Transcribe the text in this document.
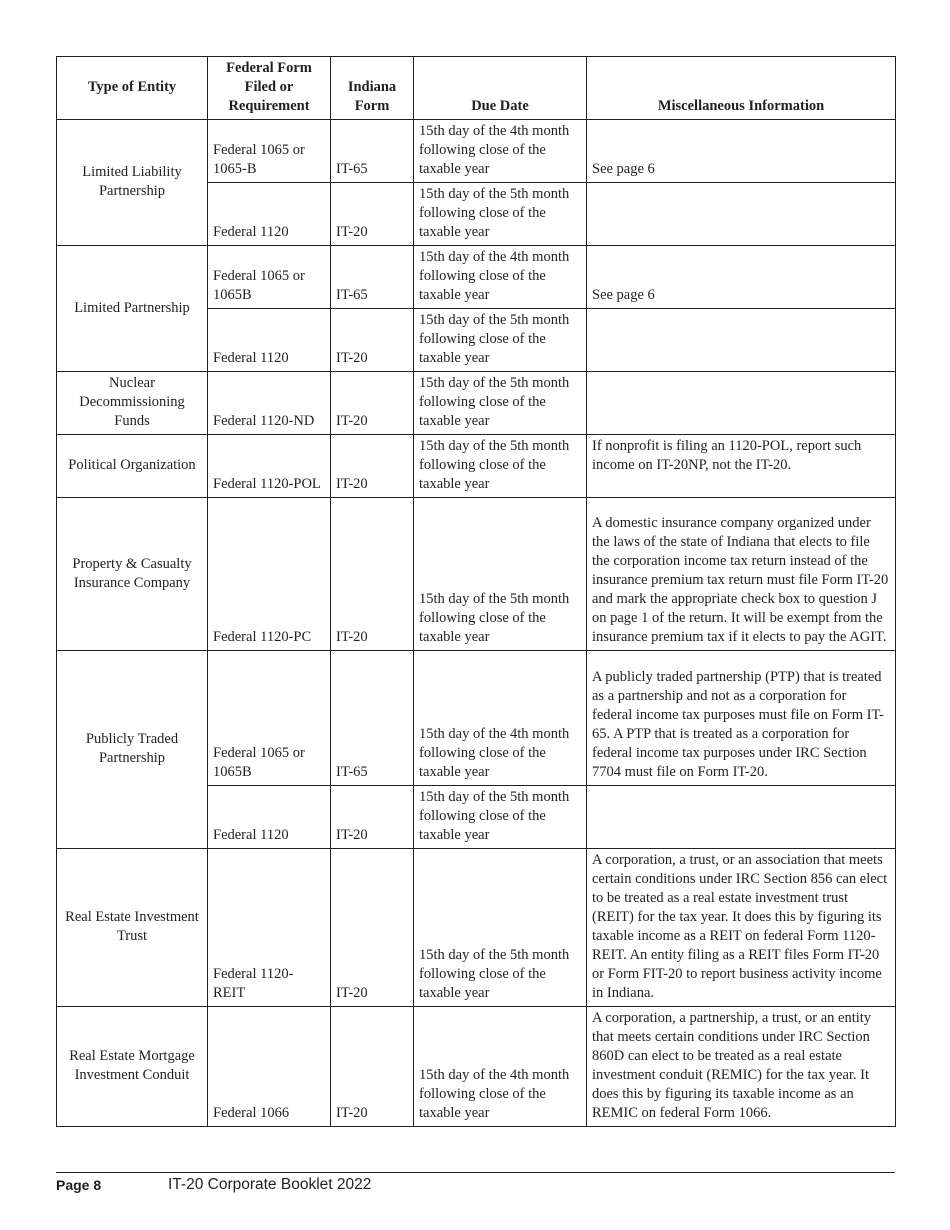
Type of Entity	Federal Form Filed or Requirement	Indiana Form	Due Date	Miscellaneous Information
Limited Liability Partnership	Federal 1065 or 1065-B	IT-65	15th day of the 4th month following close of the taxable year	See page 6
	Federal 1120	IT-20	15th day of the 5th month following close of the taxable year	
Limited Partnership	Federal 1065 or 1065B	IT-65	15th day of the 4th month following close of the taxable year	See page 6
	Federal 1120	IT-20	15th day of the 5th month following close of the taxable year	
Nuclear Decommissioning Funds	Federal 1120-ND	IT-20	15th day of the 5th month following close of the taxable year	
Political Organization	Federal 1120-POL	IT-20	15th day of the 5th month following close of the taxable year	If nonprofit is filing an 1120-POL, report such income on IT-20NP, not the IT-20.
Property & Casualty Insurance Company	Federal 1120-PC	IT-20	15th day of the 5th month following close of the taxable year	A domestic insurance company organized under the laws of the state of Indiana that elects to file the corporation income tax return instead of the insurance premium tax return must file Form IT-20 and mark the appropriate check box to question J on page 1 of the return. It will be exempt from the insurance premium tax if it elects to pay the AGIT.
Publicly Traded Partnership	Federal 1065 or 1065B	IT-65	15th day of the 4th month following close of the taxable year	A publicly traded partnership (PTP) that is treated as a partnership and not as a corporation for federal income tax purposes must file on Form IT-65. A PTP that is treated as a corporation for federal income tax purposes under IRC Section 7704 must file on Form IT-20.
	Federal 1120	IT-20	15th day of the 5th month following close of the taxable year	
Real Estate Investment Trust	Federal 1120-REIT	IT-20	15th day of the 5th month following close of the taxable year	A corporation, a trust, or an association that meets certain conditions under IRC Section 856 can elect to be treated as a real estate investment trust (REIT) for the tax year. It does this by figuring its taxable income as a REIT on federal Form 1120-REIT. An entity filing as a REIT files Form IT-20 or Form FIT-20 to report business activity income in Indiana.
Real Estate Mortgage Investment Conduit	Federal 1066	IT-20	15th day of the 4th month following close of the taxable year	A corporation, a partnership, a trust, or an entity that meets certain conditions under IRC Section 860D can elect to be treated as a real estate investment conduit (REMIC) for the tax year. It does this by figuring its taxable income as an REMIC on federal Form 1066.
Page 8	IT-20 Corporate Booklet 2022
